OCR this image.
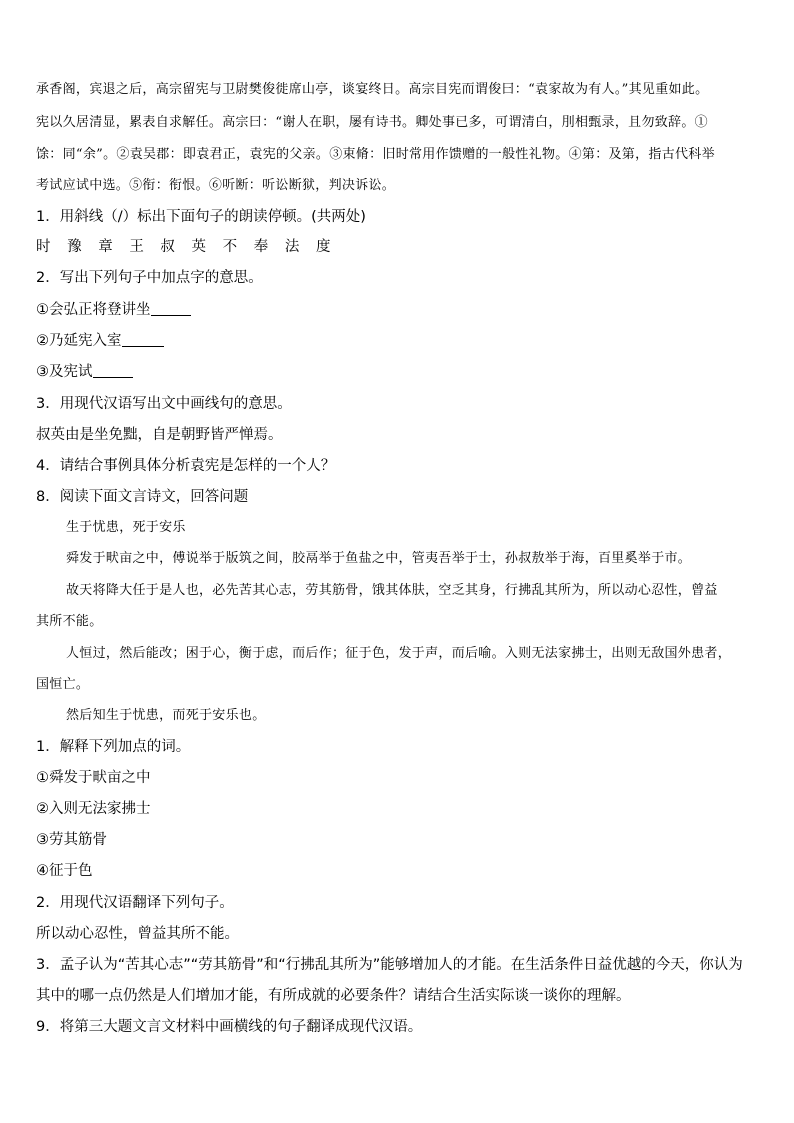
承香阁，宾退之后，高宗留宪与卫尉樊俊徙席山亭，谈宴终日。高宗目宪而谓俊曰：“袁家故为有人。”其见重如此。
宪以久居清显，累表自求解任。高宗曰：“谢人在职，屡有诗书。卿处事已多，可谓清白，刖相甄录，且勿致辞。①
馀：同“余”。②袁吴郡：即袁君正，袁宪的父亲。③束脩：旧时常用作馈赠的一般性礼物。④第：及第，指古代科举
考试应试中选。⑤衔：衔恨。⑥听断：听讼断狱，判决诉讼。
1．用斜线（/）标出下面句子的朗读停顿。(共两处)
时 豫 章 王 叔 英 不 奉 法 度
2．写出下列句子中加点字的意思。
①会弘正将登讲坐
②乃延宪入室
③及宪试
3．用现代汉语写出文中画线句的意思。
叔英由是坐免黜，自是朝野皆严惮焉。
4．请结合事例具体分析袁宪是怎样的一个人？
8．阅读下面文言诗文，回答问题
生于忧患，死于安乐
舜发于畎亩之中，傅说举于版筑之间，胶鬲举于鱼盐之中，管夷吾举于士，孙叔敖举于海，百里奚举于市。
故天将降大任于是人也，必先苦其心志，劳其筋骨，饿其体肤，空乏其身，行拂乱其所为，所以动心忍性，曾益
其所不能。
人恒过，然后能改；困于心，衡于虑，而后作；征于色，发于声，而后喻。入则无法家拂士，出则无敌国外患者，
国恒亡。
然后知生于忧患，而死于安乐也。
1．解释下列加点的词。
①舜发于畎亩之中
②入则无法家拂士
③劳其筋骨
④征于色
2．用现代汉语翻译下列句子。
所以动心忍性，曾益其所不能。
3．孟子认为“苦其心志”“劳其筋骨”和“行拂乱其所为”能够增加人的才能。在生活条件日益优越的今天，你认为
其中的哪一点仍然是人们增加才能，有所成就的必要条件？请结合生活实际谈一谈你的理解。
9．将第三大题文言文材料中画横线的句子翻译成现代汉语。
